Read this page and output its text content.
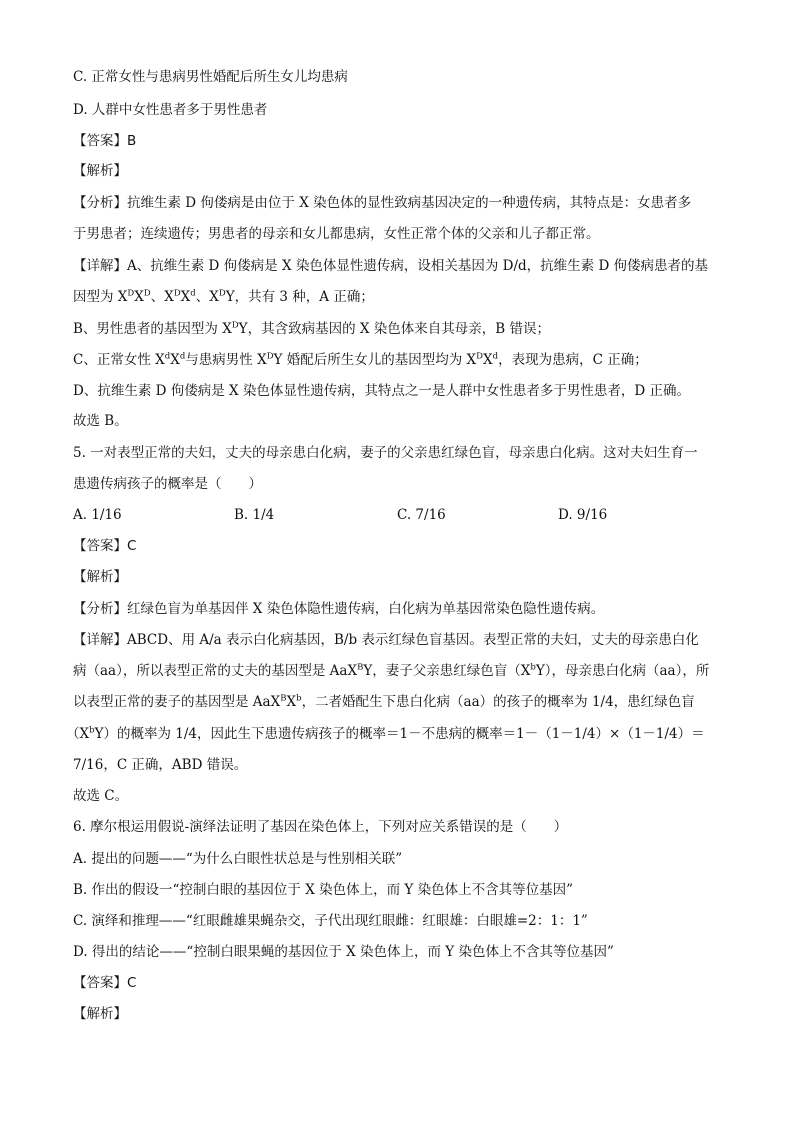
C. 正常女性与患病男性婚配后所生女儿均患病
D. 人群中女性患者多于男性患者
【答案】B
【解析】
【分析】抗维生素 D 佝偻病是由位于 X 染色体的显性致病基因决定的一种遗传病，其特点是：女患者多
于男患者；连续遗传；男患者的母亲和女儿都患病，女性正常个体的父亲和儿子都正常。
【详解】A、抗维生素 D 佝偻病是 X 染色体显性遗传病，设相关基因为 D/d，抗维生素 D 佝偻病患者的基
因型为 $X^DX^D$、$X^DX^d$、$X^DY$，共有 3 种，A 正确；
B、男性患者的基因型为 $X^DY$，其含致病基因的 X 染色体来自其母亲，B 错误；
C、正常女性 $X^dX^d$与患病男性 $X^DY$ 婚配后所生女儿的基因型均为 $X^DX^d$，表现为患病，C 正确；
D、抗维生素 D 佝偻病是 X 染色体显性遗传病，其特点之一是人群中女性患者多于男性患者，D 正确。
故选 B。
5. 一对表型正常的夫妇，丈夫的母亲患白化病，妻子的父亲患红绿色盲，母亲患白化病。这对夫妇生育一
患遗传病孩子的概率是（　　）
A. 1/16	B. 1/4	C. 7/16	D. 9/16
【答案】C
【解析】
【分析】红绿色盲为单基因伴 X 染色体隐性遗传病，白化病为单基因常染色隐性遗传病。
【详解】ABCD、用 A/a 表示白化病基因，B/b 表示红绿色盲基因。表型正常的夫妇，丈夫的母亲患白化
病（aa），所以表型正常的丈夫的基因型是 AaX$^B$Y，妻子父亲患红绿色盲$(X^bY)$，母亲患白化病（aa），所
以表型正常的妻子的基因型是 $AaX^BX^b$，二者婚配生下患白化病（aa）的孩子的概率为 1/4，患红绿色盲
$(X^bY)$的概率为 1/4，因此生下患遗传病孩子的概率＝1－不患病的概率＝1－（1－1/4）×（1－1/4）＝
7/16，C 正确，ABD 错误。
故选 C。
6. 摩尔根运用假说-演绎法证明了基因在染色体上，下列对应关系错误的是（　　）
A. 提出的问题——“为什么白眼性状总是与性别相关联”
B. 作出的假设一“控制白眼的基因位于 X 染色体上，而 Y 染色体上不含其等位基因”
C. 演绎和推理——“红眼雌雄果蝇杂交，子代出现红眼雌：红眼雄：白眼雄=2：1：1”
D. 得出的结论——“控制白眼果蝇的基因位于 X 染色体上，而 Y 染色体上不含其等位基因”
【答案】C
【解析】
